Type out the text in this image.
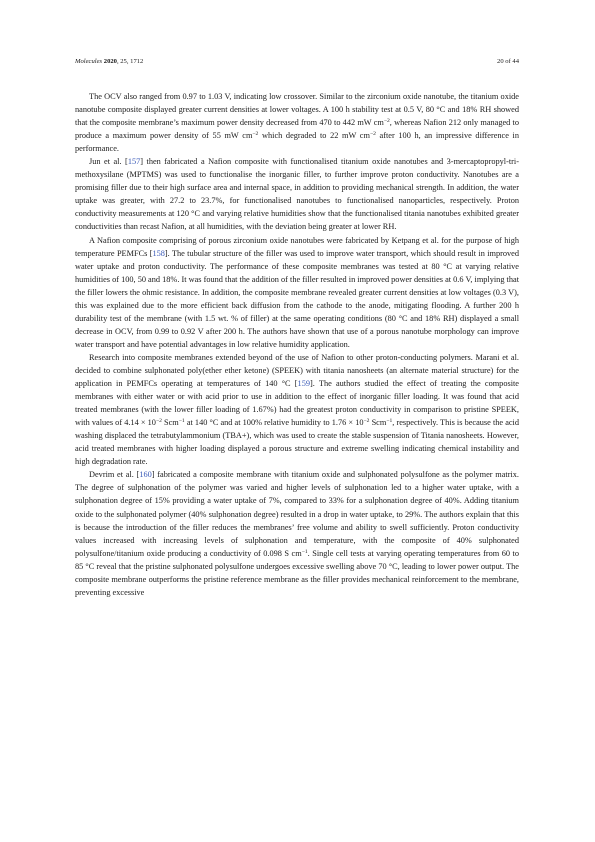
Molecules 2020, 25, 1712	20 of 44

The OCV also ranged from 0.97 to 1.03 V, indicating low crossover. Similar to the zirconium oxide nanotube, the titanium oxide nanotube composite displayed greater current densities at lower voltages. A 100 h stability test at 0.5 V, 80 °C and 18% RH showed that the composite membrane’s maximum power density decreased from 470 to 442 mW $cm^{-2}$, whereas Nafion 212 only managed to produce a maximum power density of 55 mW $cm^{-2}$ which degraded to 22 mW $cm^{-2}$ after 100 h, an impressive difference in performance.

Jun et al. [157] then fabricated a Nafion composite with functionalised titanium oxide nanotubes and 3-mercaptopropyl-tri-methoxysilane (MPTMS) was used to functionalise the inorganic filler, to further improve proton conductivity. Nanotubes are a promising filler due to their high surface area and internal space, in addition to providing mechanical strength. In addition, the water uptake was greater, with 27.2 to 23.7%, for functionalised nanotubes to functionalised nanoparticles, respectively. Proton conductivity measurements at 120 °C and varying relative humidities show that the functionalised titania nanotubes exhibited greater conductivities than recast Nafion, at all humidities, with the deviation being greater at lower RH.

A Nafion composite comprising of porous zirconium oxide nanotubes were fabricated by Ketpang et al. for the purpose of high temperature PEMFCs [158]. The tubular structure of the filler was used to improve water transport, which should result in improved water uptake and proton conductivity. The performance of these composite membranes was tested at 80 °C at varying relative humidities of 100, 50 and 18%. It was found that the addition of the filler resulted in improved power densities at 0.6 V, implying that the filler lowers the ohmic resistance. In addition, the composite membrane revealed greater current densities at low voltages (0.3 V), this was explained due to the more efficient back diffusion from the cathode to the anode, mitigating flooding. A further 200 h durability test of the membrane (with 1.5 wt. % of filler) at the same operating conditions (80 °C and 18% RH) displayed a small decrease in OCV, from 0.99 to 0.92 V after 200 h. The authors have shown that use of a porous nanotube morphology can improve water transport and have potential advantages in low relative humidity application.

Research into composite membranes extended beyond of the use of Nafion to other proton-conducting polymers. Marani et al. decided to combine sulphonated poly(ether ether ketone) (SPEEK) with titania nanosheets (an alternate material structure) for the application in PEMFCs operating at temperatures of 140 °C [159]. The authors studied the effect of treating the composite membranes with either water or with acid prior to use in addition to the effect of inorganic filler loading. It was found that acid treated membranes (with the lower filler loading of 1.67%) had the greatest proton conductivity in comparison to pristine SPEEK, with values of $4.14 \times 10^{-2}$ Scm$^{-1}$ at 140 °C and at 100% relative humidity to $1.76 \times 10^{-2}$ Scm$^{-1}$, respectively. This is because the acid washing displaced the tetrabutylammonium (TBA+), which was used to create the stable suspension of Titania nanosheets. However, acid treated membranes with higher loading displayed a porous structure and extreme swelling indicating chemical instability and high degradation rate.

Devrim et al. [160] fabricated a composite membrane with titanium oxide and sulphonated polysulfone as the polymer matrix. The degree of sulphonation of the polymer was varied and higher levels of sulphonation led to a higher water uptake, with a sulphonation degree of 15% providing a water uptake of 7%, compared to 33% for a sulphonation degree of 40%. Adding titanium oxide to the sulphonated polymer (40% sulphonation degree) resulted in a drop in water uptake, to 29%. The authors explain that this is because the introduction of the filler reduces the membranes’ free volume and ability to swell sufficiently. Proton conductivity values increased with increasing levels of sulphonation and temperature, with the composite of 40% sulphonated polysulfone/titanium oxide producing a conductivity of 0.098 S $cm^{-1}$. Single cell tests at varying operating temperatures from 60 to 85 °C reveal that the pristine sulphonated polysulfone undergoes excessive swelling above 70 °C, leading to lower power output. The composite membrane outperforms the pristine reference membrane as the filler provides mechanical reinforcement to the membrane, preventing excessive
